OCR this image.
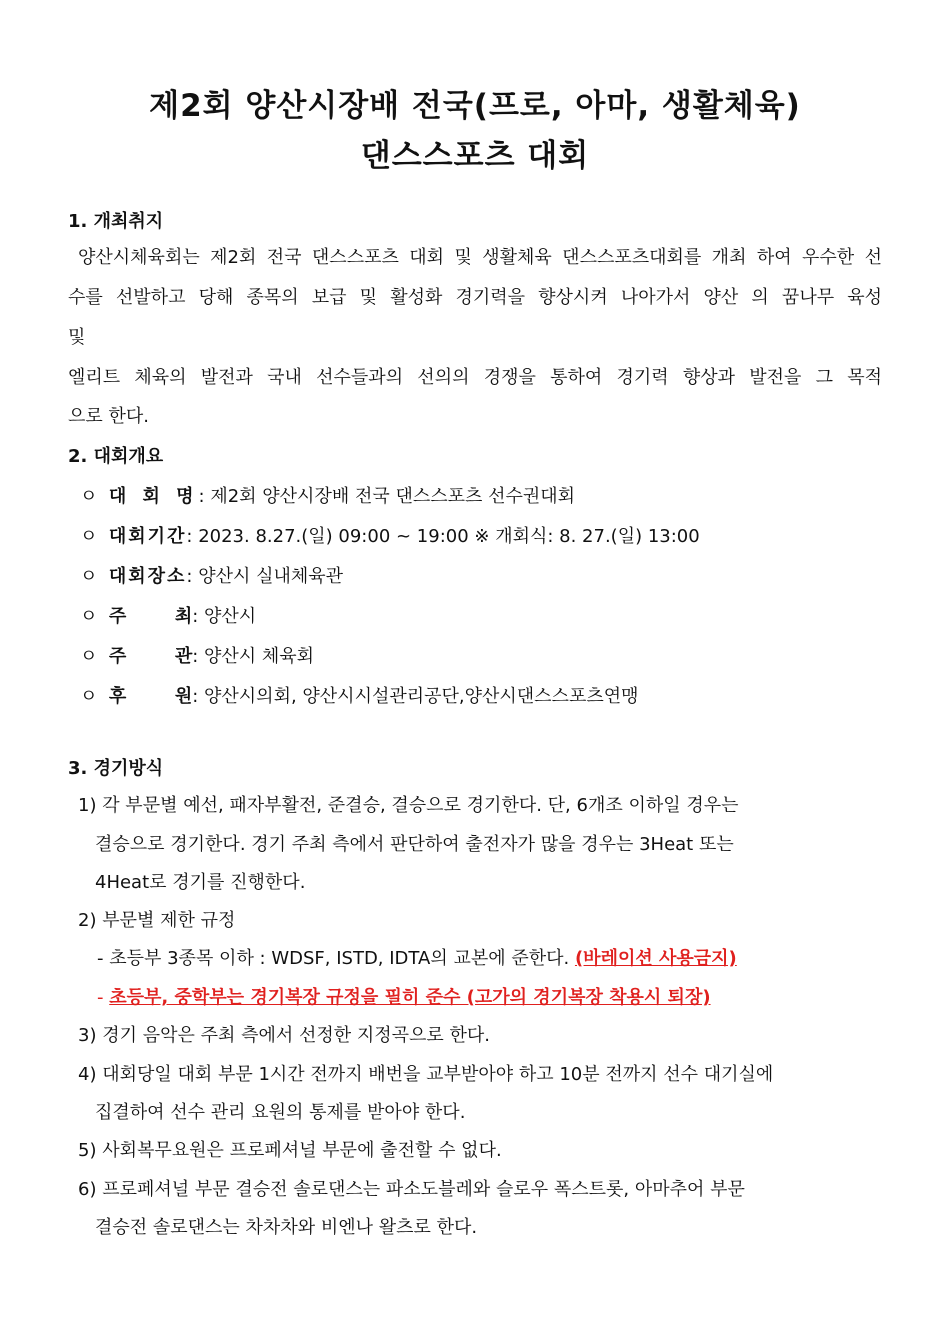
제2회 양산시장배 전국(프로, 아마, 생활체육)
댄스스포츠 대회
1. 개최취지
양산시체육회는 제2회 전국 댄스스포츠 대회 및 생활체육 댄스스포츠대회를 개최 하여 우수한 선
수를 선발하고 당해 종목의 보급 및 활성화 경기력을 향상시켜 나아가서 양산 의 꿈나무 육성
및
엘리트 체육의 발전과 국내 선수들과의 선의의 경쟁을 통하여 경기력 향상과 발전을 그 목적
으로 한다.
2. 대회개요
ㅇ 대 회 명: 제2회 양산시장배 전국 댄스스포츠 선수권대회
ㅇ 대회기간: 2023. 8.27.(일) 09:00 ~ 19:00 ※ 개회식: 8. 27.(일) 13:00
ㅇ 대회장소: 양산시 실내체육관
ㅇ 주	최: 양산시
ㅇ 주	관: 양산시 체육회
ㅇ 후	원: 양산시의회, 양산시시설관리공단,양산시댄스스포츠연맹
3. 경기방식
1) 각 부문별 예선, 패자부활전, 준결승, 결승으로 경기한다. 단, 6개조 이하일 경우는
결승으로 경기한다. 경기 주최 측에서 판단하여 출전자가 많을 경우는 3Heat 또는
4Heat로 경기를 진행한다.
2) 부문별 제한 규정
- 초등부 3종목 이하 : WDSF, ISTD, IDTA의 교본에 준한다. (바레이션 사용금지)
- 초등부, 중학부는 경기복장 규정을 필히 준수 (고가의 경기복장 착용시 퇴장)
3) 경기 음악은 주최 측에서 선정한 지정곡으로 한다.
4) 대회당일 대회 부문 1시간 전까지 배번을 교부받아야 하고 10분 전까지 선수 대기실에
집결하여 선수 관리 요원의 통제를 받아야 한다.
5) 사회복무요원은 프로페셔널 부문에 출전할 수 없다.
6) 프로페셔널 부문 결승전 솔로댄스는 파소도블레와 슬로우 폭스트롯, 아마추어 부문
결승전 솔로댄스는 차차차와 비엔나 왈츠로 한다.
